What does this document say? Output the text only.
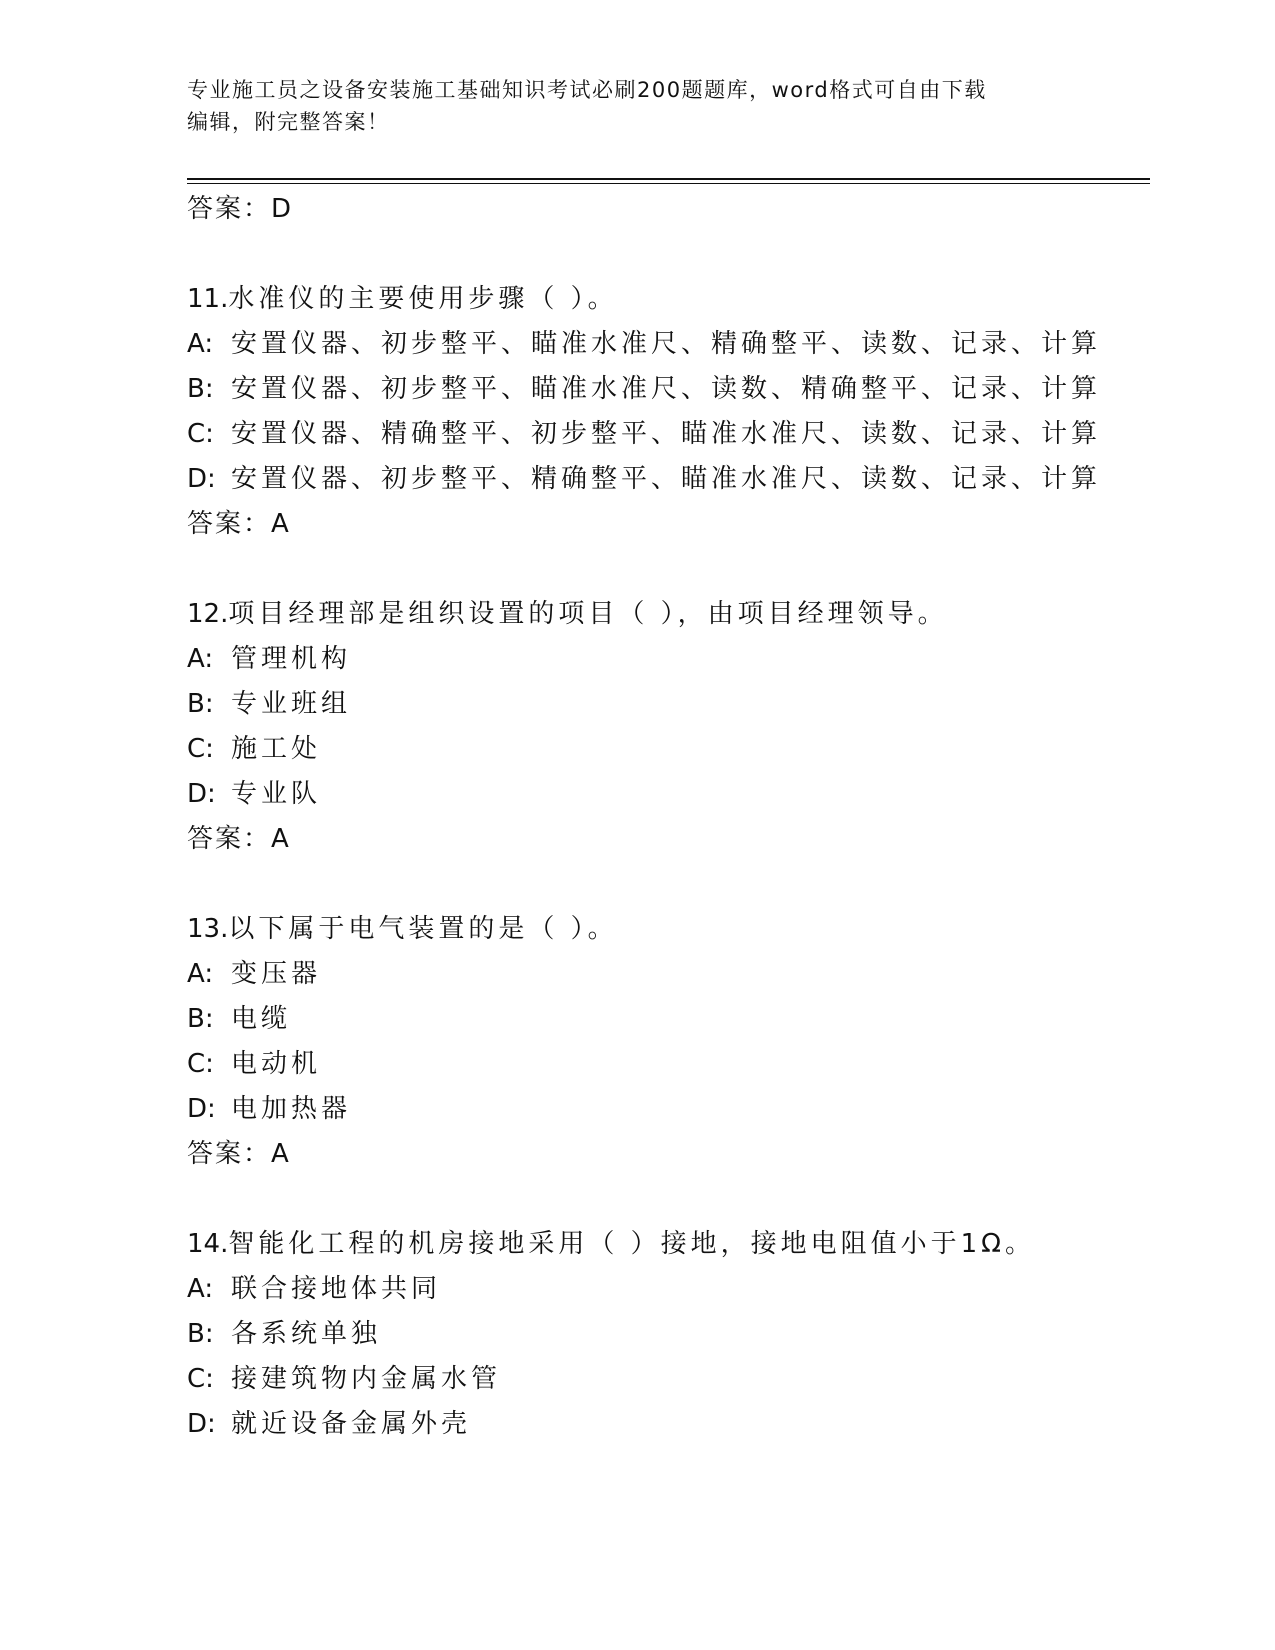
专业施工员之设备安装施工基础知识考试必刷200题题库，word格式可自由下载
编辑，附完整答案！
答案：D
11.水准仪的主要使用步骤（ ）。
A: 安置仪器、初步整平、瞄准水准尺、精确整平、读数、记录、计算
B: 安置仪器、初步整平、瞄准水准尺、读数、精确整平、记录、计算
C: 安置仪器、精确整平、初步整平、瞄准水准尺、读数、记录、计算
D: 安置仪器、初步整平、精确整平、瞄准水准尺、读数、记录、计算
答案：A
12.项目经理部是组织设置的项目（ ），由项目经理领导。
A: 管理机构
B: 专业班组
C: 施工处
D: 专业队
答案：A
13.以下属于电气装置的是（ ）。
A: 变压器
B: 电缆
C: 电动机
D: 电加热器
答案：A
14.智能化工程的机房接地采用（ ）接地，接地电阻值小于1Ω。
A: 联合接地体共同
B: 各系统单独
C: 接建筑物内金属水管
D: 就近设备金属外壳
